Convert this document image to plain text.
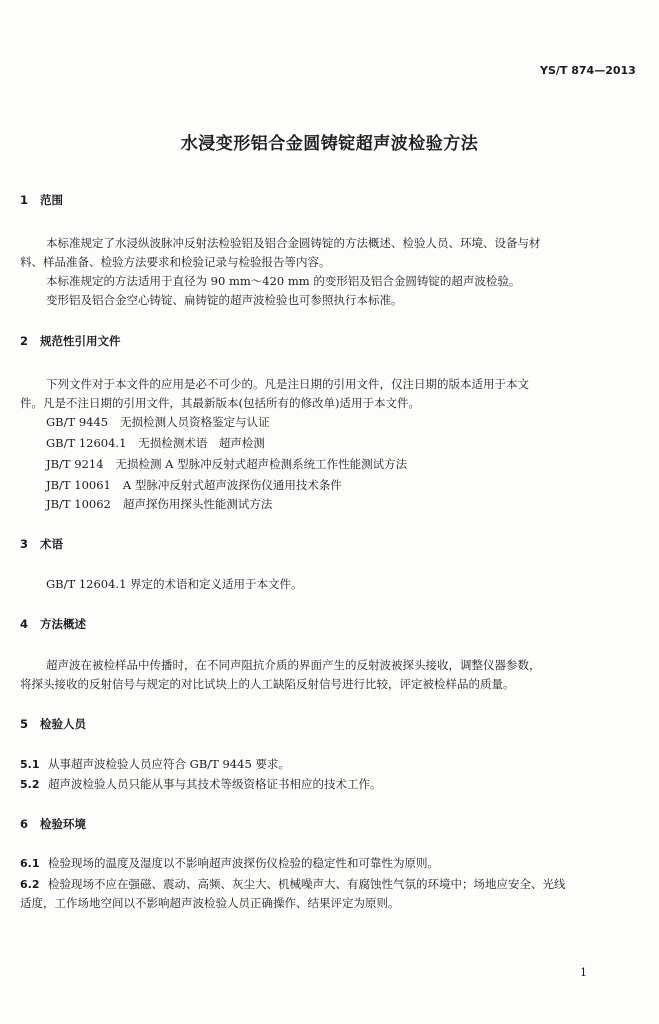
YS/T 874—2013
水浸变形铝合金圆铸锭超声波检验方法
1 范围
本标准规定了水浸纵波脉冲反射法检验铝及铝合金圆铸锭的方法概述、检验人员、环境、设备与材
料、样品准备、检验方法要求和检验记录与检验报告等内容。
本标准规定的方法适用于直径为 90 mm～420 mm 的变形铝及铝合金圆铸锭的超声波检验。
变形铝及铝合金空心铸锭、扁铸锭的超声波检验也可参照执行本标准。
2 规范性引用文件
下列文件对于本文件的应用是必不可少的。凡是注日期的引用文件，仅注日期的版本适用于本文
件。凡是不注日期的引用文件，其最新版本(包括所有的修改单)适用于本文件。
GB/T 9445 无损检测人员资格鉴定与认证
GB/T 12604.1 无损检测术语　超声检测
JB/T 9214 无损检测 A 型脉冲反射式超声检测系统工作性能测试方法
JB/T 10061 A 型脉冲反射式超声波探伤仪通用技术条件
JB/T 10062 超声探伤用探头性能测试方法
3 术语
GB/T 12604.1 界定的术语和定义适用于本文件。
4 方法概述
超声波在被检样品中传播时，在不同声阻抗介质的界面产生的反射波被探头接收，调整仪器参数，
将探头接收的反射信号与规定的对比试块上的人工缺陷反射信号进行比较，评定被检样品的质量。
5 检验人员
5.1 从事超声波检验人员应符合 GB/T 9445 要求。
5.2 超声波检验人员只能从事与其技术等级资格证书相应的技术工作。
6 检验环境
6.1 检验现场的温度及湿度以不影响超声波探伤仪检验的稳定性和可靠性为原则。
6.2 检验现场不应在强磁、震动、高频、灰尘大、机械噪声大、有腐蚀性气氛的环境中；场地应安全、光线
适度，工作场地空间以不影响超声波检验人员正确操作、结果评定为原则。
1
